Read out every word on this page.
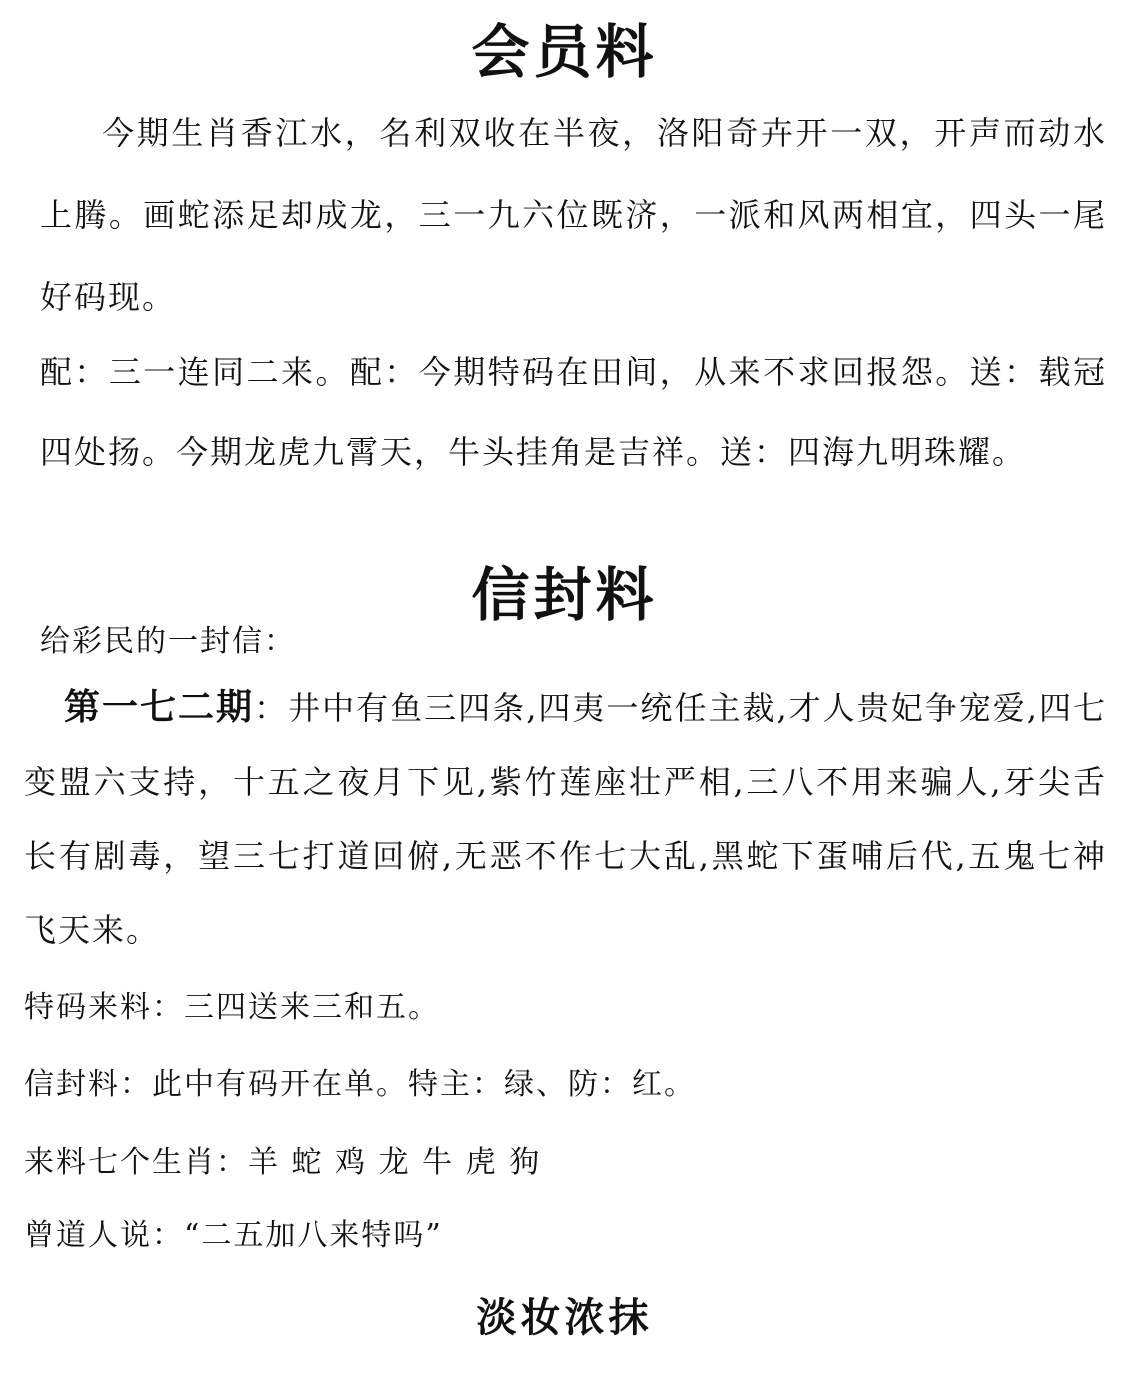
会员料

今期生肖香江水，名利双收在半夜，洛阳奇卉开一双，开声而动水上腾。画蛇添足却成龙，三一九六位既济，一派和风两相宜，四头一尾好码现。

配：三一连同二来。配：今期特码在田间，从来不求回报怨。送：载冠四处扬。今期龙虎九霄天，牛头挂角是吉祥。送：四海九明珠耀。

信封料

给彩民的一封信：

第一七二期：井中有鱼三四条,四夷一统任主裁,才人贵妃争宠爱,四七变盟六支持，十五之夜月下见,紫竹莲座壮严相,三八不用来骗人,牙尖舌长有剧毒，望三七打道回俯,无恶不作七大乱,黑蛇下蛋哺后代,五鬼七神飞天来。

特码来料：三四送来三和五。

信封料：此中有码开在单。特主：绿、防：红。

来料七个生肖：羊 蛇 鸡 龙 牛 虎 狗

曾道人说：“二五加八来特吗”

淡妆浓抹
